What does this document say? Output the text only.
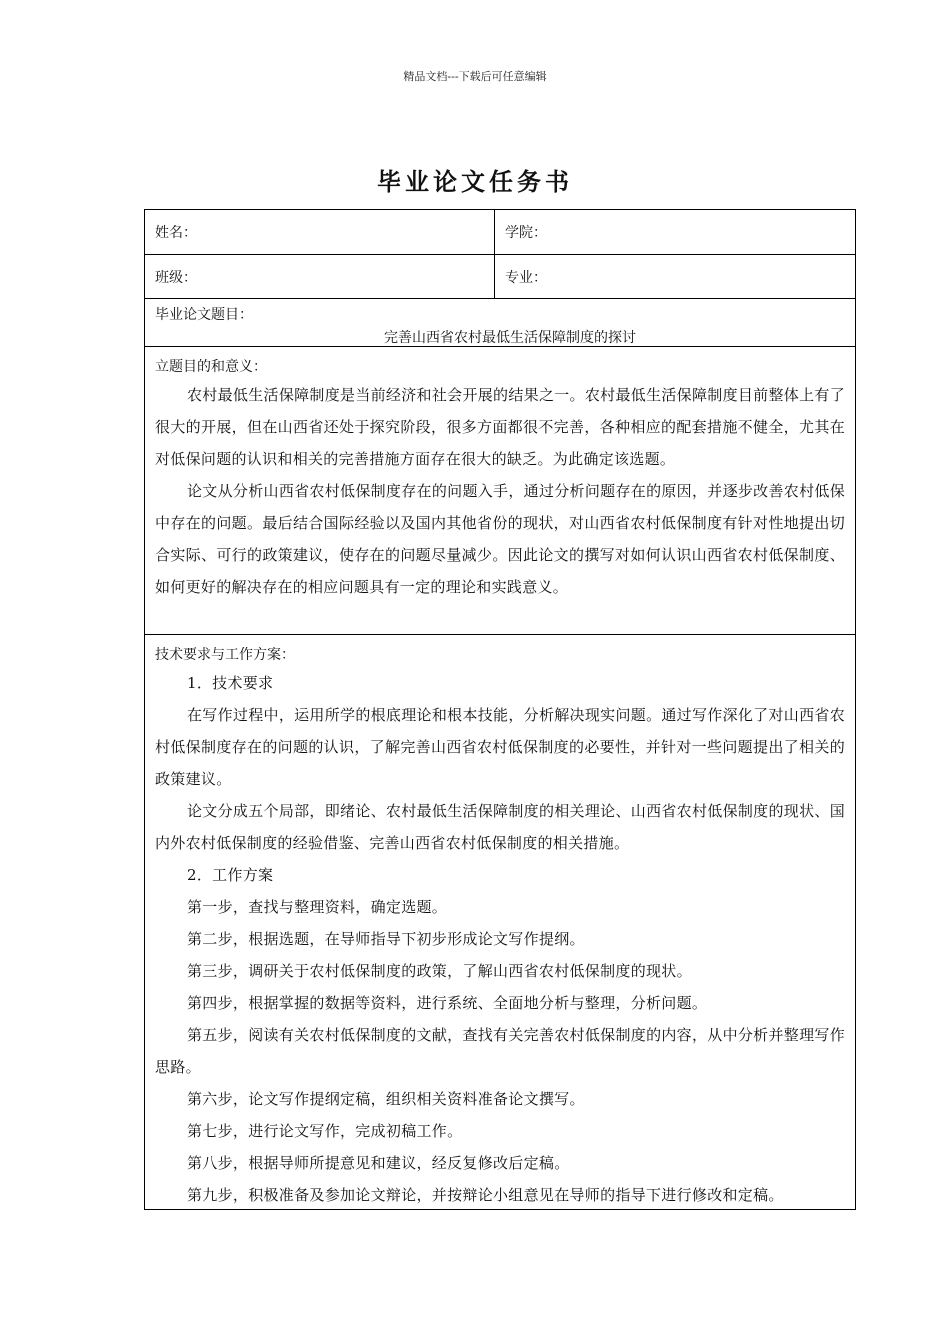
精品文档---下载后可任意编辑
毕业论文任务书
姓名：	学院：
班级：	专业：
毕业论文题目：
完善山西省农村最低生活保障制度的探讨
立题目的和意义：

农村最低生活保障制度是当前经济和社会开展的结果之一。农村最低生活保障制度目前整体上有了很大的开展，但在山西省还处于探究阶段，很多方面都很不完善，各种相应的配套措施不健全，尤其在对低保问题的认识和相关的完善措施方面存在很大的缺乏。为此确定该选题。

论文从分析山西省农村低保制度存在的问题入手，通过分析问题存在的原因，并逐步改善农村低保中存在的问题。最后结合国际经验以及国内其他省份的现状，对山西省农村低保制度有针对性地提出切合实际、可行的政策建议，使存在的问题尽量减少。因此论文的撰写对如何认识山西省农村低保制度、如何更好的解决存在的相应问题具有一定的理论和实践意义。

技术要求与工作方案：

1．技术要求

在写作过程中，运用所学的根底理论和根本技能，分析解决现实问题。通过写作深化了对山西省农村低保制度存在的问题的认识，了解完善山西省农村低保制度的必要性，并针对一些问题提出了相关的政策建议。

论文分成五个局部，即绪论、农村最低生活保障制度的相关理论、山西省农村低保制度的现状、国内外农村低保制度的经验借鉴、完善山西省农村低保制度的相关措施。

2．工作方案

第一步，查找与整理资料，确定选题。

第二步，根据选题，在导师指导下初步形成论文写作提纲。

第三步，调研关于农村低保制度的政策，了解山西省农村低保制度的现状。

第四步，根据掌握的数据等资料，进行系统、全面地分析与整理，分析问题。

第五步，阅读有关农村低保制度的文献，查找有关完善农村低保制度的内容，从中分析并整理写作思路。

第六步，论文写作提纲定稿，组织相关资料准备论文撰写。

第七步，进行论文写作，完成初稿工作。

第八步，根据导师所提意见和建议，经反复修改后定稿。

第九步，积极准备及参加论文辩论，并按辩论小组意见在导师的指导下进行修改和定稿。
